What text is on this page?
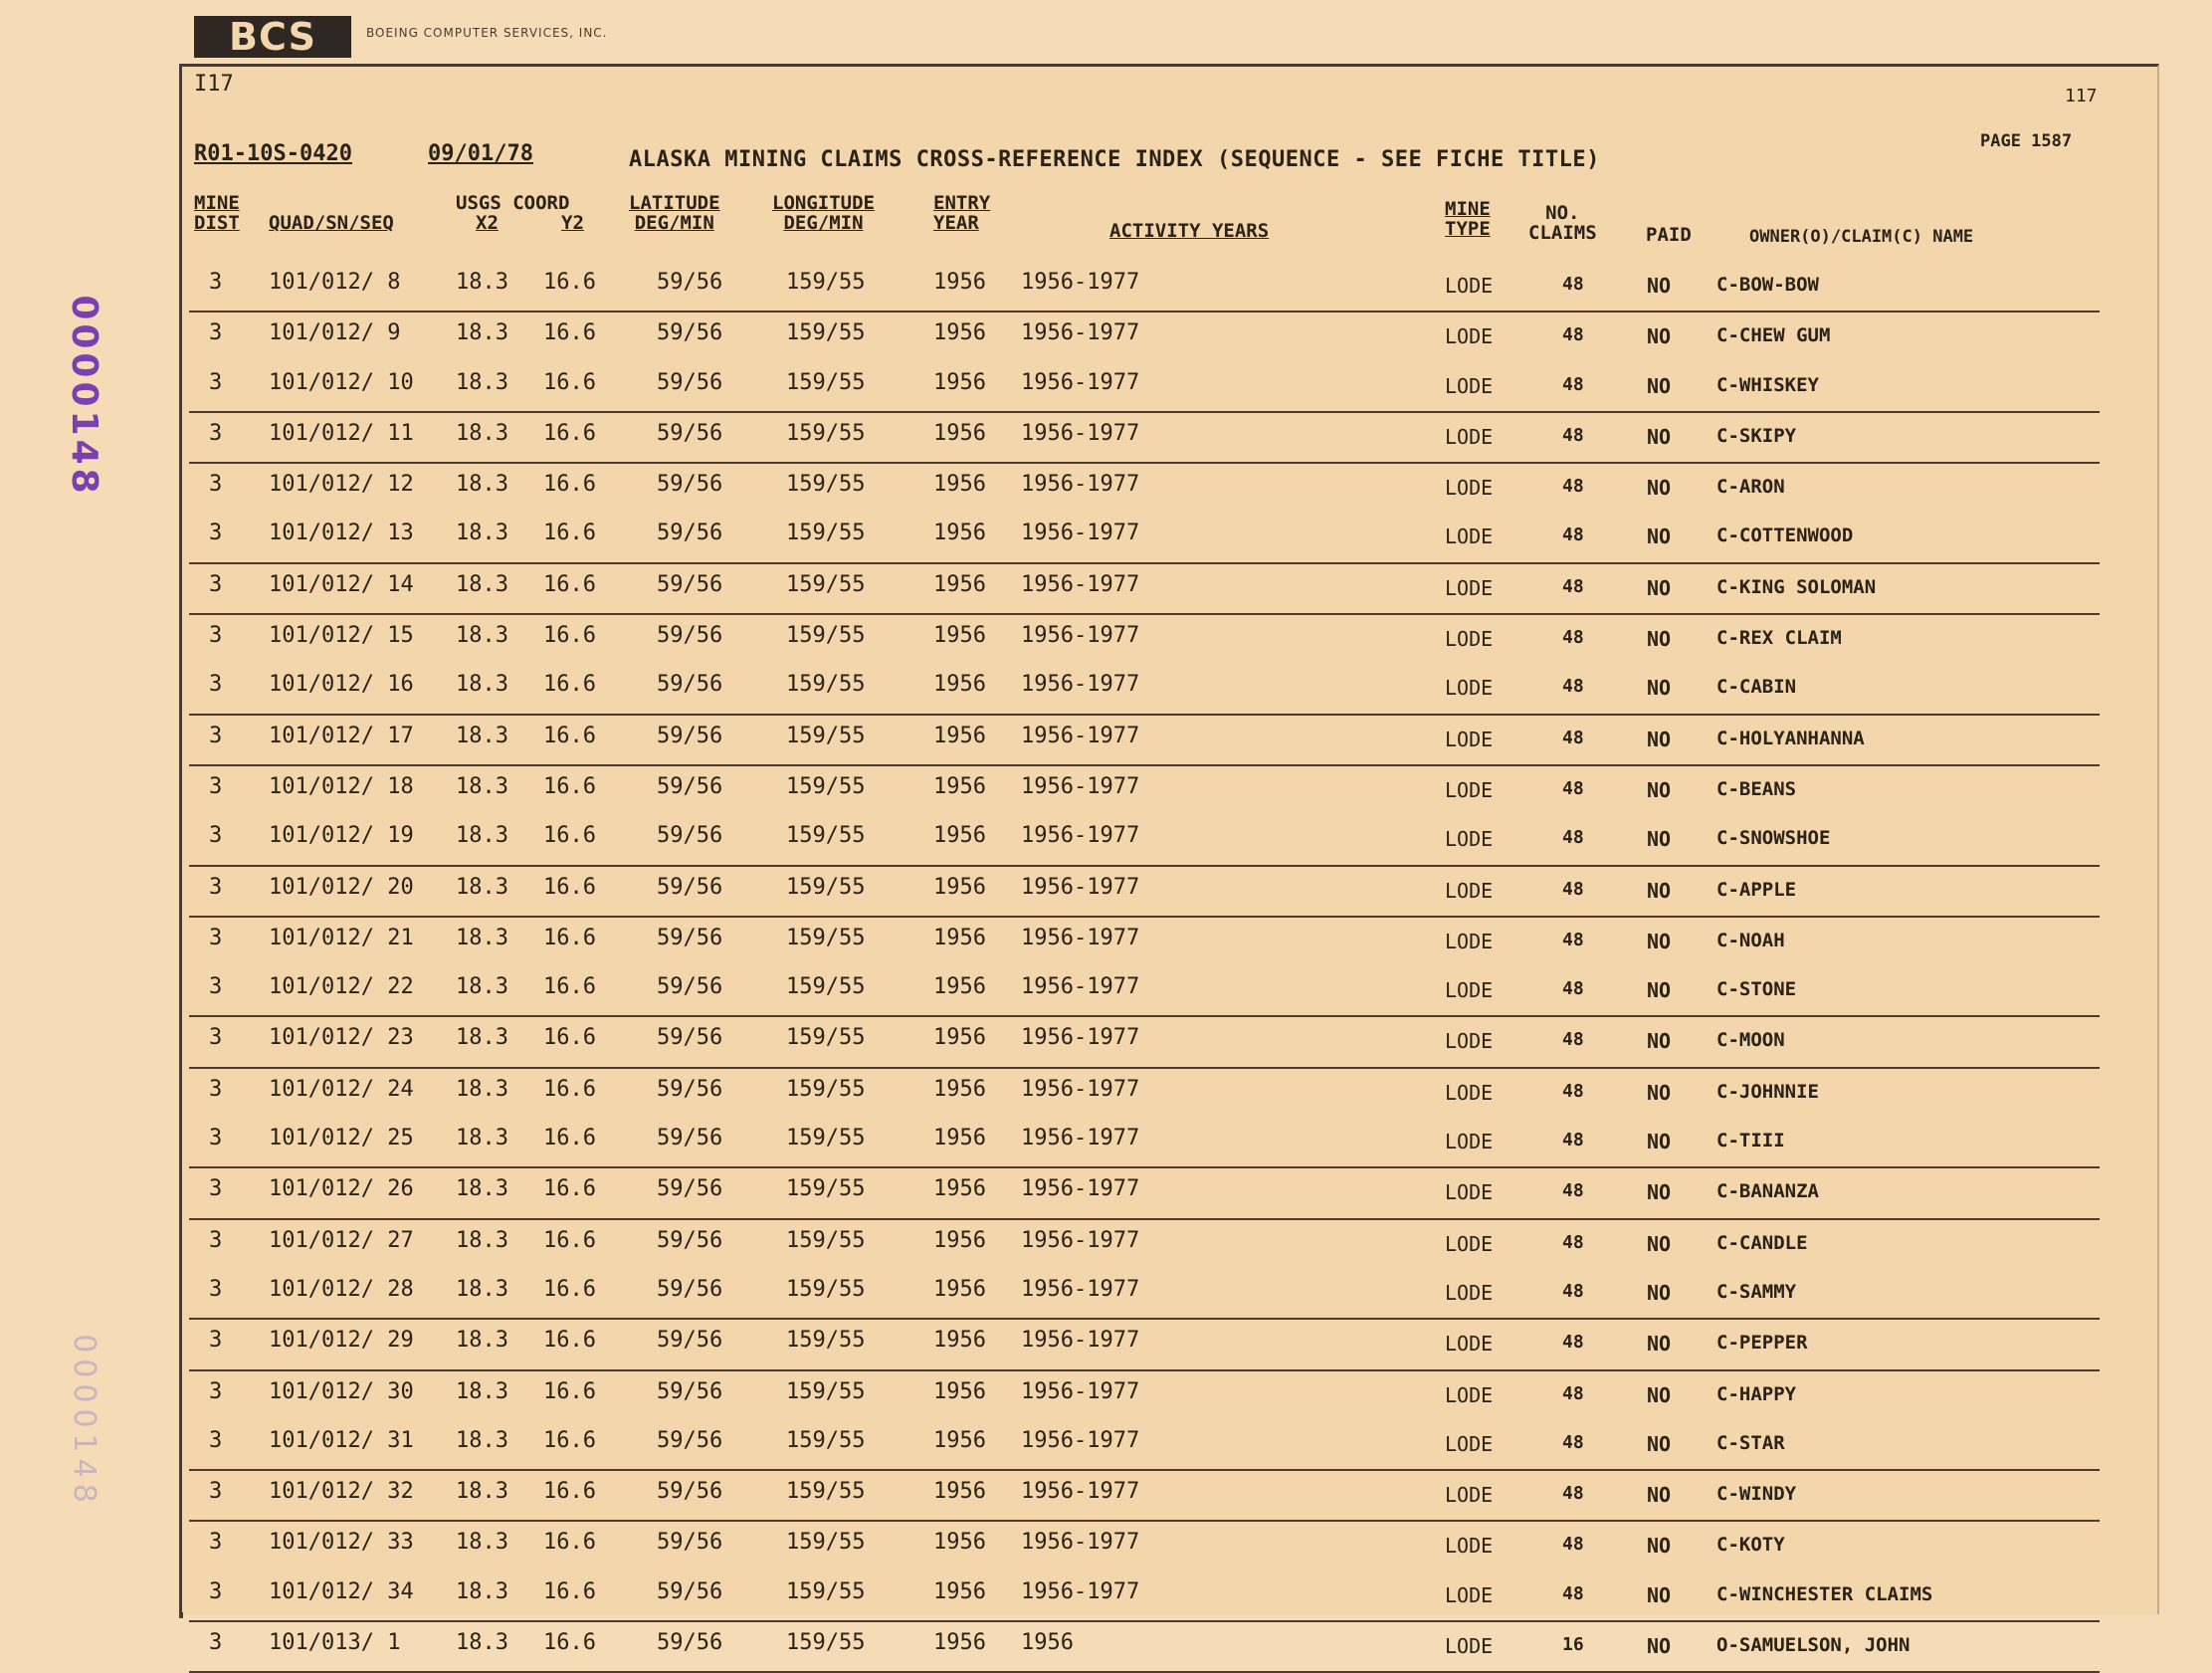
BCS	BOEING COMPUTER SERVICES, INC.
0000148
0000148
I17	117
R01-10S-0420	09/01/78	ALASKA MINING CLAIMS CROSS-REFERENCE INDEX (SEQUENCE - SEE FICHE TITLE)
PAGE 1587
MINE
DIST QUAD/SN/SEQ
USGS COORD
X2	Y2
LATITUDE
DEG/MIN
LONGITUDE
DEG/MIN
ENTRY
YEAR	ACTIVITY YEARS
MINE
TYPE
NO.
CLAIMS	PAID	OWNER(O)/CLAIM(C) NAME
3 101/012/ 8	18.3 16.6	59/56	159/55	1956 1956-1977	LODE	48	NO C-BOW-BOW
3 101/012/ 9	18.3 16.6	59/56	159/55	1956 1956-1977	LODE	48	NO C-CHEW GUM
3 101/012/ 10 18.3 16.6	59/56	159/55	1956 1956-1977	LODE	48	NO C-WHISKEY
3 101/012/ 11 18.3 16.6	59/56	159/55	1956 1956-1977	LODE	48	NO C-SKIPY
3 101/012/ 12 18.3 16.6	59/56	159/55	1956 1956-1977	LODE	48	NO C-ARON
3 101/012/ 13 18.3 16.6	59/56	159/55	1956 1956-1977	LODE	48	NO C-COTTENWOOD
3 101/012/ 14 18.3 16.6	59/56	159/55	1956 1956-1977	LODE	48	NO C-KING SOLOMAN
3 101/012/ 15 18.3 16.6	59/56	159/55	1956 1956-1977	LODE	48	NO C-REX CLAIM
3 101/012/ 16 18.3 16.6	59/56	159/55	1956 1956-1977	LODE	48	NO C-CABIN
3 101/012/ 17 18.3 16.6	59/56	159/55	1956 1956-1977	LODE	48	NO C-HOLYANHANNA
3 101/012/ 18 18.3 16.6	59/56	159/55	1956 1956-1977	LODE	48	NO C-BEANS
3 101/012/ 19 18.3 16.6	59/56	159/55	1956 1956-1977	LODE	48	NO C-SNOWSHOE
3 101/012/ 20 18.3 16.6	59/56	159/55	1956 1956-1977	LODE	48	NO C-APPLE
3 101/012/ 21 18.3 16.6	59/56	159/55	1956 1956-1977	LODE	48	NO C-NOAH
3 101/012/ 22 18.3 16.6	59/56	159/55	1956 1956-1977	LODE	48	NO C-STONE
3 101/012/ 23 18.3 16.6	59/56	159/55	1956 1956-1977	LODE	48	NO C-MOON
3 101/012/ 24 18.3 16.6	59/56	159/55	1956 1956-1977	LODE	48	NO C-JOHNNIE
3 101/012/ 25 18.3 16.6	59/56	159/55	1956 1956-1977	LODE	48	NO C-TIII
3 101/012/ 26 18.3 16.6	59/56	159/55	1956 1956-1977	LODE	48	NO C-BANANZA
3 101/012/ 27 18.3 16.6	59/56	159/55	1956 1956-1977	LODE	48	NO C-CANDLE
3 101/012/ 28 18.3 16.6	59/56	159/55	1956 1956-1977	LODE	48	NO C-SAMMY
3 101/012/ 29 18.3 16.6	59/56	159/55	1956 1956-1977	LODE	48	NO C-PEPPER
3 101/012/ 30 18.3 16.6	59/56	159/55	1956 1956-1977	LODE	48	NO C-HAPPY
3 101/012/ 31 18.3 16.6	59/56	159/55	1956 1956-1977	LODE	48	NO C-STAR
3 101/012/ 32 18.3 16.6	59/56	159/55	1956 1956-1977	LODE	48	NO C-WINDY
3 101/012/ 33 18.3 16.6	59/56	159/55	1956 1956-1977	LODE	48	NO C-KOTY
3 101/012/ 34 18.3 16.6	59/56	159/55	1956 1956-1977	LODE	48	NO C-WINCHESTER CLAIMS
3 101/013/ 1	18.3 16.6	59/56	159/55	1956 1956	LODE	16	NO O-SAMUELSON, JOHN
